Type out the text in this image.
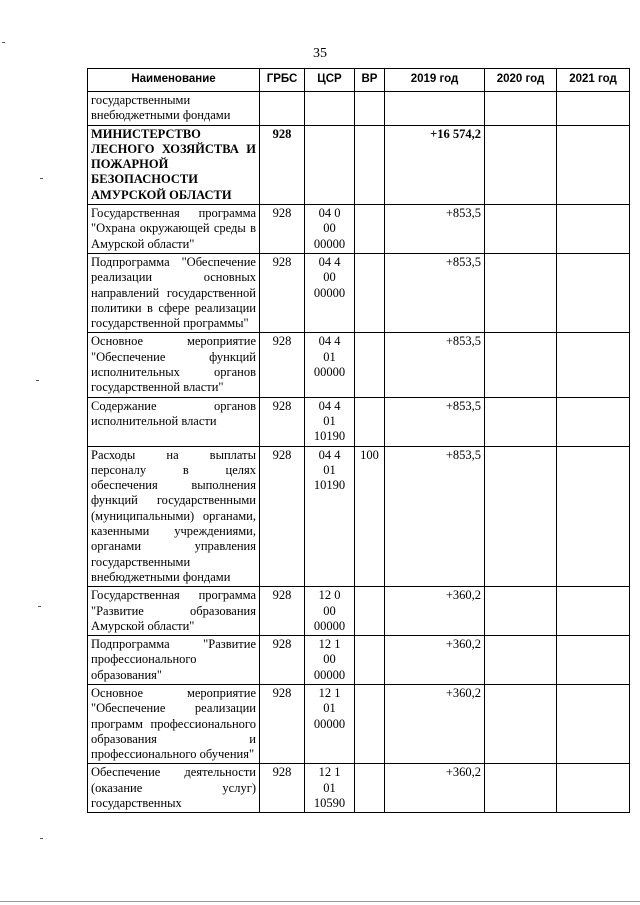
35
Наименование	ГРБС	ЦСР	ВР	2019 год	2020 год	2021 год
государственными внебюджетными фондами						
МИНИСТЕРСТВО ЛЕСНОГО ХОЗЯЙСТВА И ПОЖАРНОЙ БЕЗОПАСНОСТИ АМУРСКОЙ ОБЛАСТИ	928			+16 574,2		
Государственная программа "Охрана окружающей среды в Амурской области"	928	04 0
00
00000		+853,5		
Подпрограмма "Обеспечение реализации основных направлений государственной политики в сфере реализации государственной программы"	928	04 4
00
00000		+853,5		
Основное мероприятие "Обеспечение функций исполнительных органов государственной власти"	928	04 4
01
00000		+853,5		
Содержание органов исполнительной власти	928	04 4
01
10190		+853,5		
Расходы на выплаты персоналу в целях обеспечения выполнения функций государственными (муниципальными) органами, казенными учреждениями, органами управления государственными внебюджетными фондами	928	04 4
01
10190	100	+853,5		
Государственная программа "Развитие образования Амурской области"	928	12 0
00
00000		+360,2		
Подпрограмма "Развитие профессионального образования"	928	12 1
00
00000		+360,2		
Основное мероприятие "Обеспечение реализации программ профессионального образования и профессионального обучения"	928	12 1
01
00000		+360,2		
Обеспечение деятельности (оказание услуг) государственных	928	12 1
01
10590		+360,2		
